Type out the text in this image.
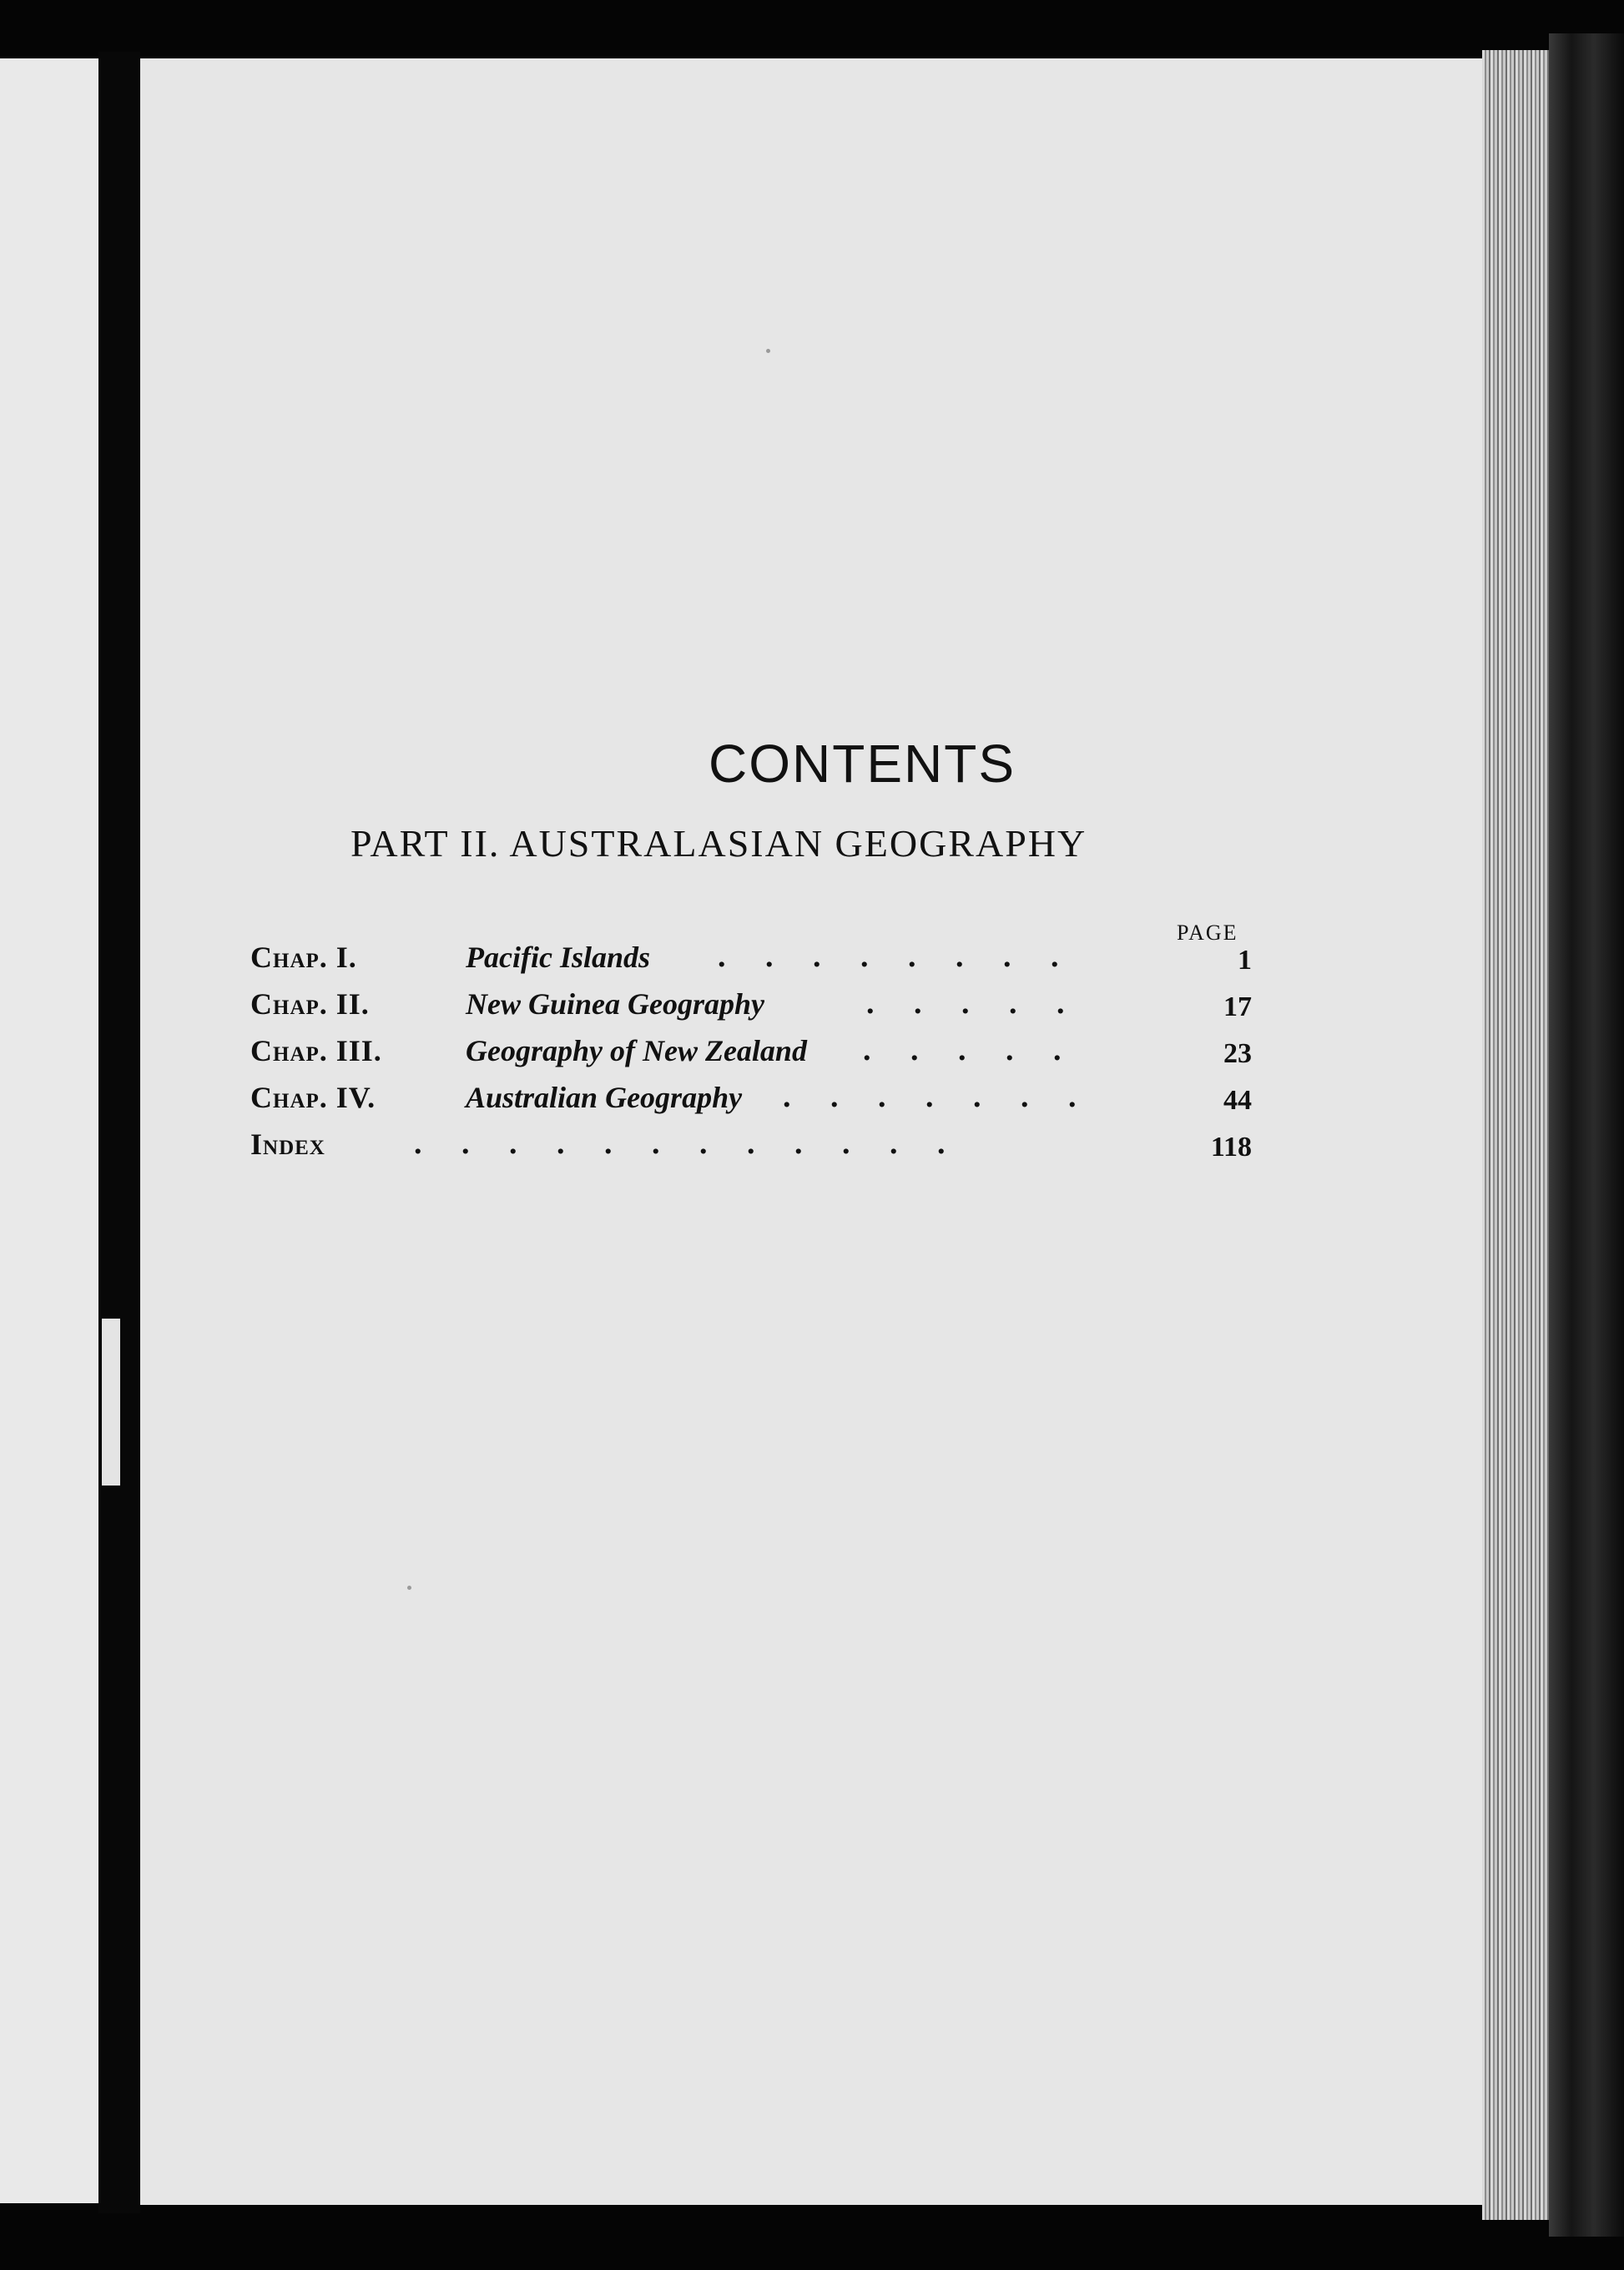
CONTENTS
PART II. AUSTRALASIAN GEOGRAPHY
PAGE
Chap. I.	Pacific Islands .     .     .     .     .     .     .     .	1
Chap. II.	New Guinea Geography	.     .     .     .     .	17
Chap. III.	Geography of New Zealand .     .     .     .     .	23
Chap. IV.	Australian Geography .     .     .     .     .     .     .	44
Index	.     .     .     .     .     .     .     .     .     .     .     .	118
